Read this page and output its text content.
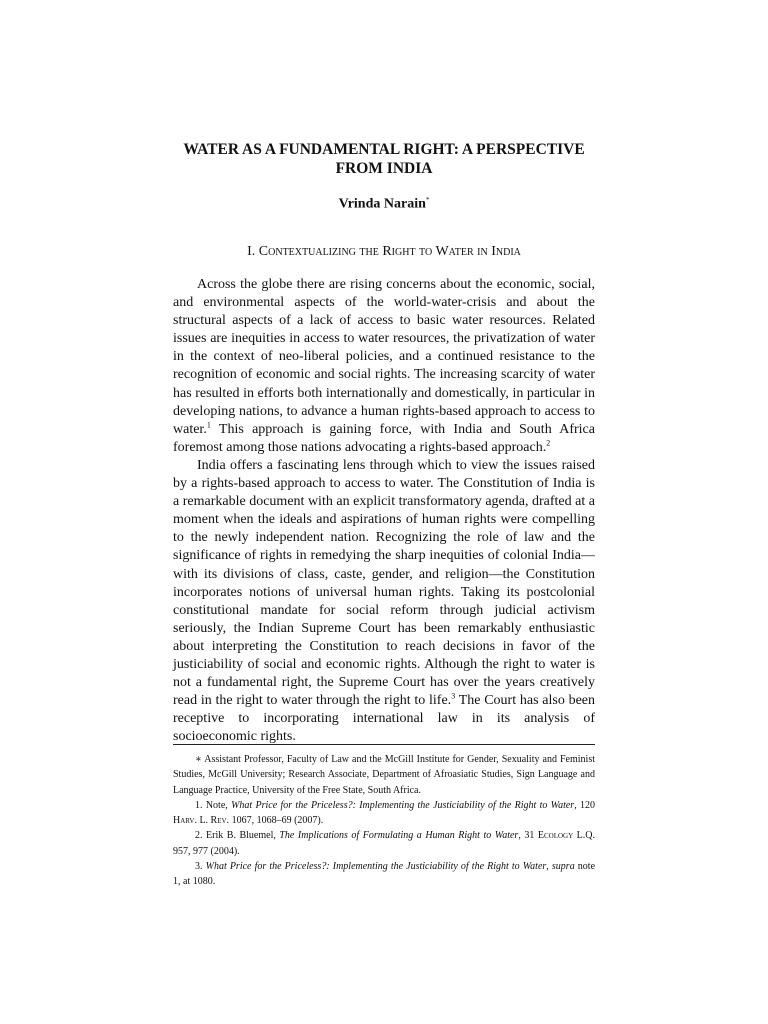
WATER AS A FUNDAMENTAL RIGHT: A PERSPECTIVE FROM INDIA
Vrinda Narain*
I. Contextualizing the Right to Water in India

Across the globe there are rising concerns about the economic, social, and environmental aspects of the world-water-crisis and about the structural aspects of a lack of access to basic water resources. Related issues are inequities in access to water resources, the privatization of water in the context of neo-liberal policies, and a continued resistance to the recognition of economic and social rights. The increasing scarcity of water has resulted in efforts both internationally and domestically, in particular in developing nations, to advance a human rights-based approach to access to water.$^1$ This approach is gaining force, with India and South Africa foremost among those nations advocating a rights-based approach.$^2$

India offers a fascinating lens through which to view the issues raised by a rights-based approach to access to water. The Constitution of India is a remarkable document with an explicit transformatory agenda, drafted at a moment when the ideals and aspirations of human rights were compelling to the newly independent nation. Recognizing the role of law and the significance of rights in remedying the sharp inequities of colonial India—with its divisions of class, caste, gender, and religion—the Constitution incorporates notions of universal human rights. Taking its postcolonial constitutional mandate for social reform through judicial activism seriously, the Indian Supreme Court has been remarkably enthusiastic about interpreting the Constitution to reach decisions in favor of the justiciability of social and economic rights. Although the right to water is not a fundamental right, the Supreme Court has over the years creatively read in the right to water through the right to life.$^3$ The Court has also been receptive to incorporating international law in its analysis of socioeconomic rights.

∗ Assistant Professor, Faculty of Law and the McGill Institute for Gender, Sexuality and Feminist Studies, McGill University; Research Associate, Department of Afroasiatic Studies, Sign Language and Language Practice, University of the Free State, South Africa.

1. Note, What Price for the Priceless?: Implementing the Justiciability of the Right to Water, 120 Harv. L. Rev. 1067, 1068–69 (2007).

2. Erik B. Bluemel, The Implications of Formulating a Human Right to Water, 31 Ecology L.Q. 957, 977 (2004).

3. What Price for the Priceless?: Implementing the Justiciability of the Right to Water, supra note 1, at 1080.
